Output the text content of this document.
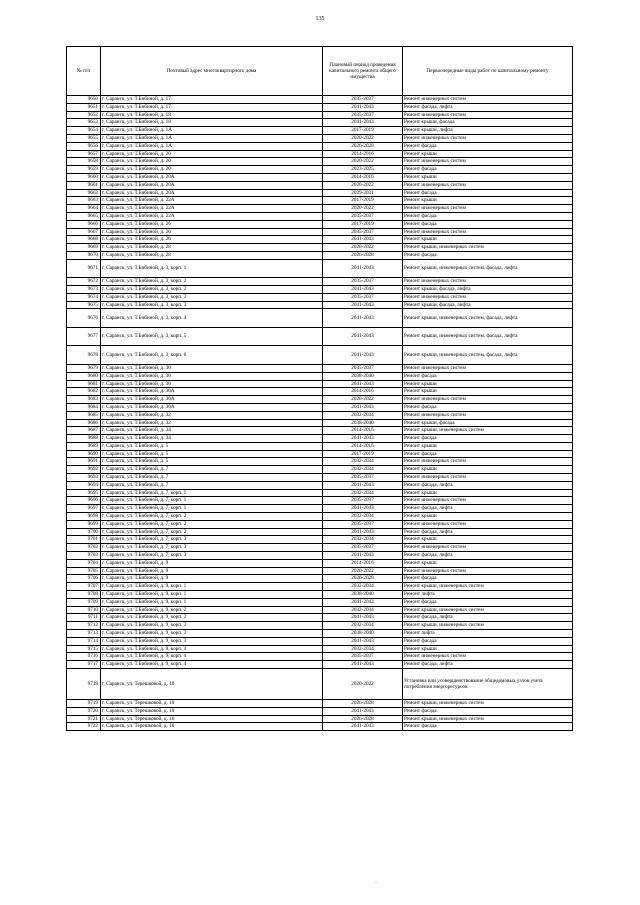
135
№ п/п	Почтовый адрес многоквартирного дома	Плановый период проведения капитального ремонта общего имущества	Первоочередные виды работ по капитальному ремонту
9650	г. Саранск, ул. Т.Бибиной, д. 17	2035-2037	Ремонт инженерных систем
9651	г. Саранск, ул. Т.Бибиной, д. 17	2041-2043	Ремонт фасада, лифта
9652	г. Саранск, ул. Т.Бибиной, д. 18	2035-2037	Ремонт инженерных систем
9653	г. Саранск, ул. Т.Бибиной, д. 18	2041-2043	Ремонт крыши, фасада
9654	г. Саранск, ул. Т.Бибиной, д. 1А	2017-2019	Ремонт крыши, лифта
9655	г. Саранск, ул. Т.Бибиной, д. 1А	2020-2022	Ремонт инженерных систем
9656	г. Саранск, ул. Т.Бибиной, д. 1А	2026-2028	Ремонт фасада
9657	г. Саранск, ул. Т.Бибиной, д. 20	2014-2016	Ремонт крыши
9658	г. Саранск, ул. Т.Бибиной, д. 20	2020-2022	Ремонт инженерных систем
9659	г. Саранск, ул. Т.Бибиной, д. 20	2023-2025	Ремонт фасада
9660	г. Саранск, ул. Т.Бибиной, д. 20А	2014-2016	Ремонт крыши
9661	г. Саранск, ул. Т.Бибиной, д. 20А	2020-2022	Ремонт инженерных систем
9662	г. Саранск, ул. Т.Бибиной, д. 20А	2029-2031	Ремонт фасада
9663	г. Саранск, ул. Т.Бибиной, д. 22А	2017-2019	Ремонт крыши
9664	г. Саранск, ул. Т.Бибиной, д. 22А	2020-2022	Ремонт инженерных систем
9665	г. Саранск, ул. Т.Бибиной, д. 22А	2035-2037	Ремонт фасада
9666	г. Саранск, ул. Т.Бибиной, д. 26	2017-2019	Ремонт фасада
9667	г. Саранск, ул. Т.Бибиной, д. 26	2035-2037	Ремонт инженерных систем
9668	г. Саранск, ул. Т.Бибиной, д. 26	2041-2043	Ремонт крыши
9669	г. Саранск, ул. Т.Бибиной, д. 28	2020-2022	Ремонт крыши, инженерных систем
9670	г. Саранск, ул. Т.Бибиной, д. 28	2026-2028	Ремонт фасада
9671	г. Саранск, ул. Т.Бибиной, д. 3, корп. 1	2041-2043	Ремонт крыши, инженерных систем, фасада, лифта
9672	г. Саранск, ул. Т.Бибиной, д. 3, корп. 2	2035-2037	Ремонт инженерных систем
9673	г. Саранск, ул. Т.Бибиной, д. 3, корп. 2	2041-2043	Ремонт крыши, фасада, лифта
9674	г. Саранск, ул. Т.Бибиной, д. 3, корп. 3	2035-2037	Ремонт инженерных систем
9675	г. Саранск, ул. Т.Бибиной, д. 3, корп. 3	2041-2043	Ремонт крыши, фасада, лифта
9676	г. Саранск, ул. Т.Бибиной, д. 3, корп. 4	2041-2043	Ремонт крыши, инженерных систем, фасада, лифта
9677	г. Саранск, ул. Т.Бибиной, д. 3, корп. 5	2041-2043	Ремонт крыши, инженерных систем, фасада, лифта
9678	г. Саранск, ул. Т.Бибиной, д. 3, корп. 6	2041-2043	Ремонт крыши, инженерных систем, фасада, лифта
9679	г. Саранск, ул. Т.Бибиной, д. 30	2035-2037	Ремонт инженерных систем
9680	г. Саранск, ул. Т.Бибиной, д. 30	2038-2040	Ремонт фасада
9681	г. Саранск, ул. Т.Бибиной, д. 30	2041-2043	Ремонт крыши
9682	г. Саранск, ул. Т.Бибиной, д. 30А	2014-2016	Ремонт крыши
9683	г. Саранск, ул. Т.Бибиной, д. 30А	2020-2022	Ремонт инженерных систем
9684	г. Саранск, ул. Т.Бибиной, д. 30А	2041-2043	Ремонт фасада
9685	г. Саранск, ул. Т.Бибиной, д. 32	2032-2034	Ремонт инженерных систем
9686	г. Саранск, ул. Т.Бибиной, д. 32	2038-2040	Ремонт крыши, фасада
9687	г. Саранск, ул. Т.Бибиной, д. 34	2014-2016	Ремонт крыши, инженерных систем
9688	г. Саранск, ул. Т.Бибиной, д. 34	2041-2043	Ремонт фасада
9689	г. Саранск, ул. Т.Бибиной, д. 5	2014-2016	Ремонт крыши
9690	г. Саранск, ул. Т.Бибиной, д. 5	2017-2019	Ремонт фасада
9691	г. Саранск, ул. Т.Бибиной, д. 5	2032-2034	Ремонт инженерных систем
9692	г. Саранск, ул. Т.Бибиной, д. 7	2032-2034	Ремонт крыши
9693	г. Саранск, ул. Т.Бибиной, д. 7	2035-2037	Ремонт инженерных систем
9694	г. Саранск, ул. Т.Бибиной, д. 7	2041-2043	Ремонт фасада, лифта
9695	г. Саранск, ул. Т.Бибиной, д. 7, корп. 1	2032-2034	Ремонт крыши
9696	г. Саранск, ул. Т.Бибиной, д. 7, корп. 1	2035-2037	Ремонт инженерных систем
9697	г. Саранск, ул. Т.Бибиной, д. 7, корп. 1	2041-2043	Ремонт фасада, лифта
9698	г. Саранск, ул. Т.Бибиной, д. 7, корп. 2	2032-2034	Ремонт крыши
9699	г. Саранск, ул. Т.Бибиной, д. 7, корп. 2	2035-2037	Ремонт инженерных систем
9700	г. Саранск, ул. Т.Бибиной, д. 7, корп. 2	2041-2043	Ремонт фасада, лифта
9701	г. Саранск, ул. Т.Бибиной, д. 7, корп. 3	2032-2034	Ремонт крыши
9702	г. Саранск, ул. Т.Бибиной, д. 7, корп. 3	2035-2037	Ремонт инженерных систем
9703	г. Саранск, ул. Т.Бибиной, д. 7, корп. 3	2041-2043	Ремонт фасада, лифта
9704	г. Саранск, ул. Т.Бибиной, д. 9	2014-2016	Ремонт крыши
9705	г. Саранск, ул. Т.Бибиной, д. 9	2020-2022	Ремонт инженерных систем
9706	г. Саранск, ул. Т.Бибиной, д. 9	2026-2028	Ремонт фасада
9707	г. Саранск, ул. Т.Бибиной, д. 9, корп. 1	2032-2034	Ремонт крыши, инженерных систем
9708	г. Саранск, ул. Т.Бибиной, д. 9, корп. 1	2038-2040	Ремонт лифта
9709	г. Саранск, ул. Т.Бибиной, д. 9, корп. 1	2041-2043	Ремонт фасада
9710	г. Саранск, ул. Т.Бибиной, д. 9, корп. 2	2032-2034	Ремонт крыши, инженерных систем
9711	г. Саранск, ул. Т.Бибиной, д. 9, корп. 2	2041-2043	Ремонт фасада, лифта
9712	г. Саранск, ул. Т.Бибиной, д. 9, корп. 3	2032-2034	Ремонт крыши, инженерных систем
9713	г. Саранск, ул. Т.Бибиной, д. 9, корп. 3	2038-2040	Ремонт лифта
9714	г. Саранск, ул. Т.Бибиной, д. 9, корп. 3	2041-2043	Ремонт фасада
9715	г. Саранск, ул. Т.Бибиной, д. 9, корп. 4	2032-2034	Ремонт крыши
9716	г. Саранск, ул. Т.Бибиной, д. 9, корп. 4	2035-2037	Ремонт инженерных систем
9717	г. Саранск, ул. Т.Бибиной, д. 9, корп. 4	2041-2043	Ремонт фасада, лифта
9718	г. Саранск, ул. Терешковой, д. 10	2020-2022	Установка или усовершенствование общедомовых узлов учета потребления энергоресурсов
9719	г. Саранск, ул. Терешковой, д. 10	2026-2028	Ремонт крыши, инженерных систем
9720	г. Саранск, ул. Терешковой, д. 10	2041-2043	Ремонт фасада
9721	г. Саранск, ул. Терешковой, д. 16	2026-2028	Ремонт крыши, инженерных систем
9722	г. Саранск, ул. Терешковой, д. 16	2041-2043	Ремонт фасада
·
